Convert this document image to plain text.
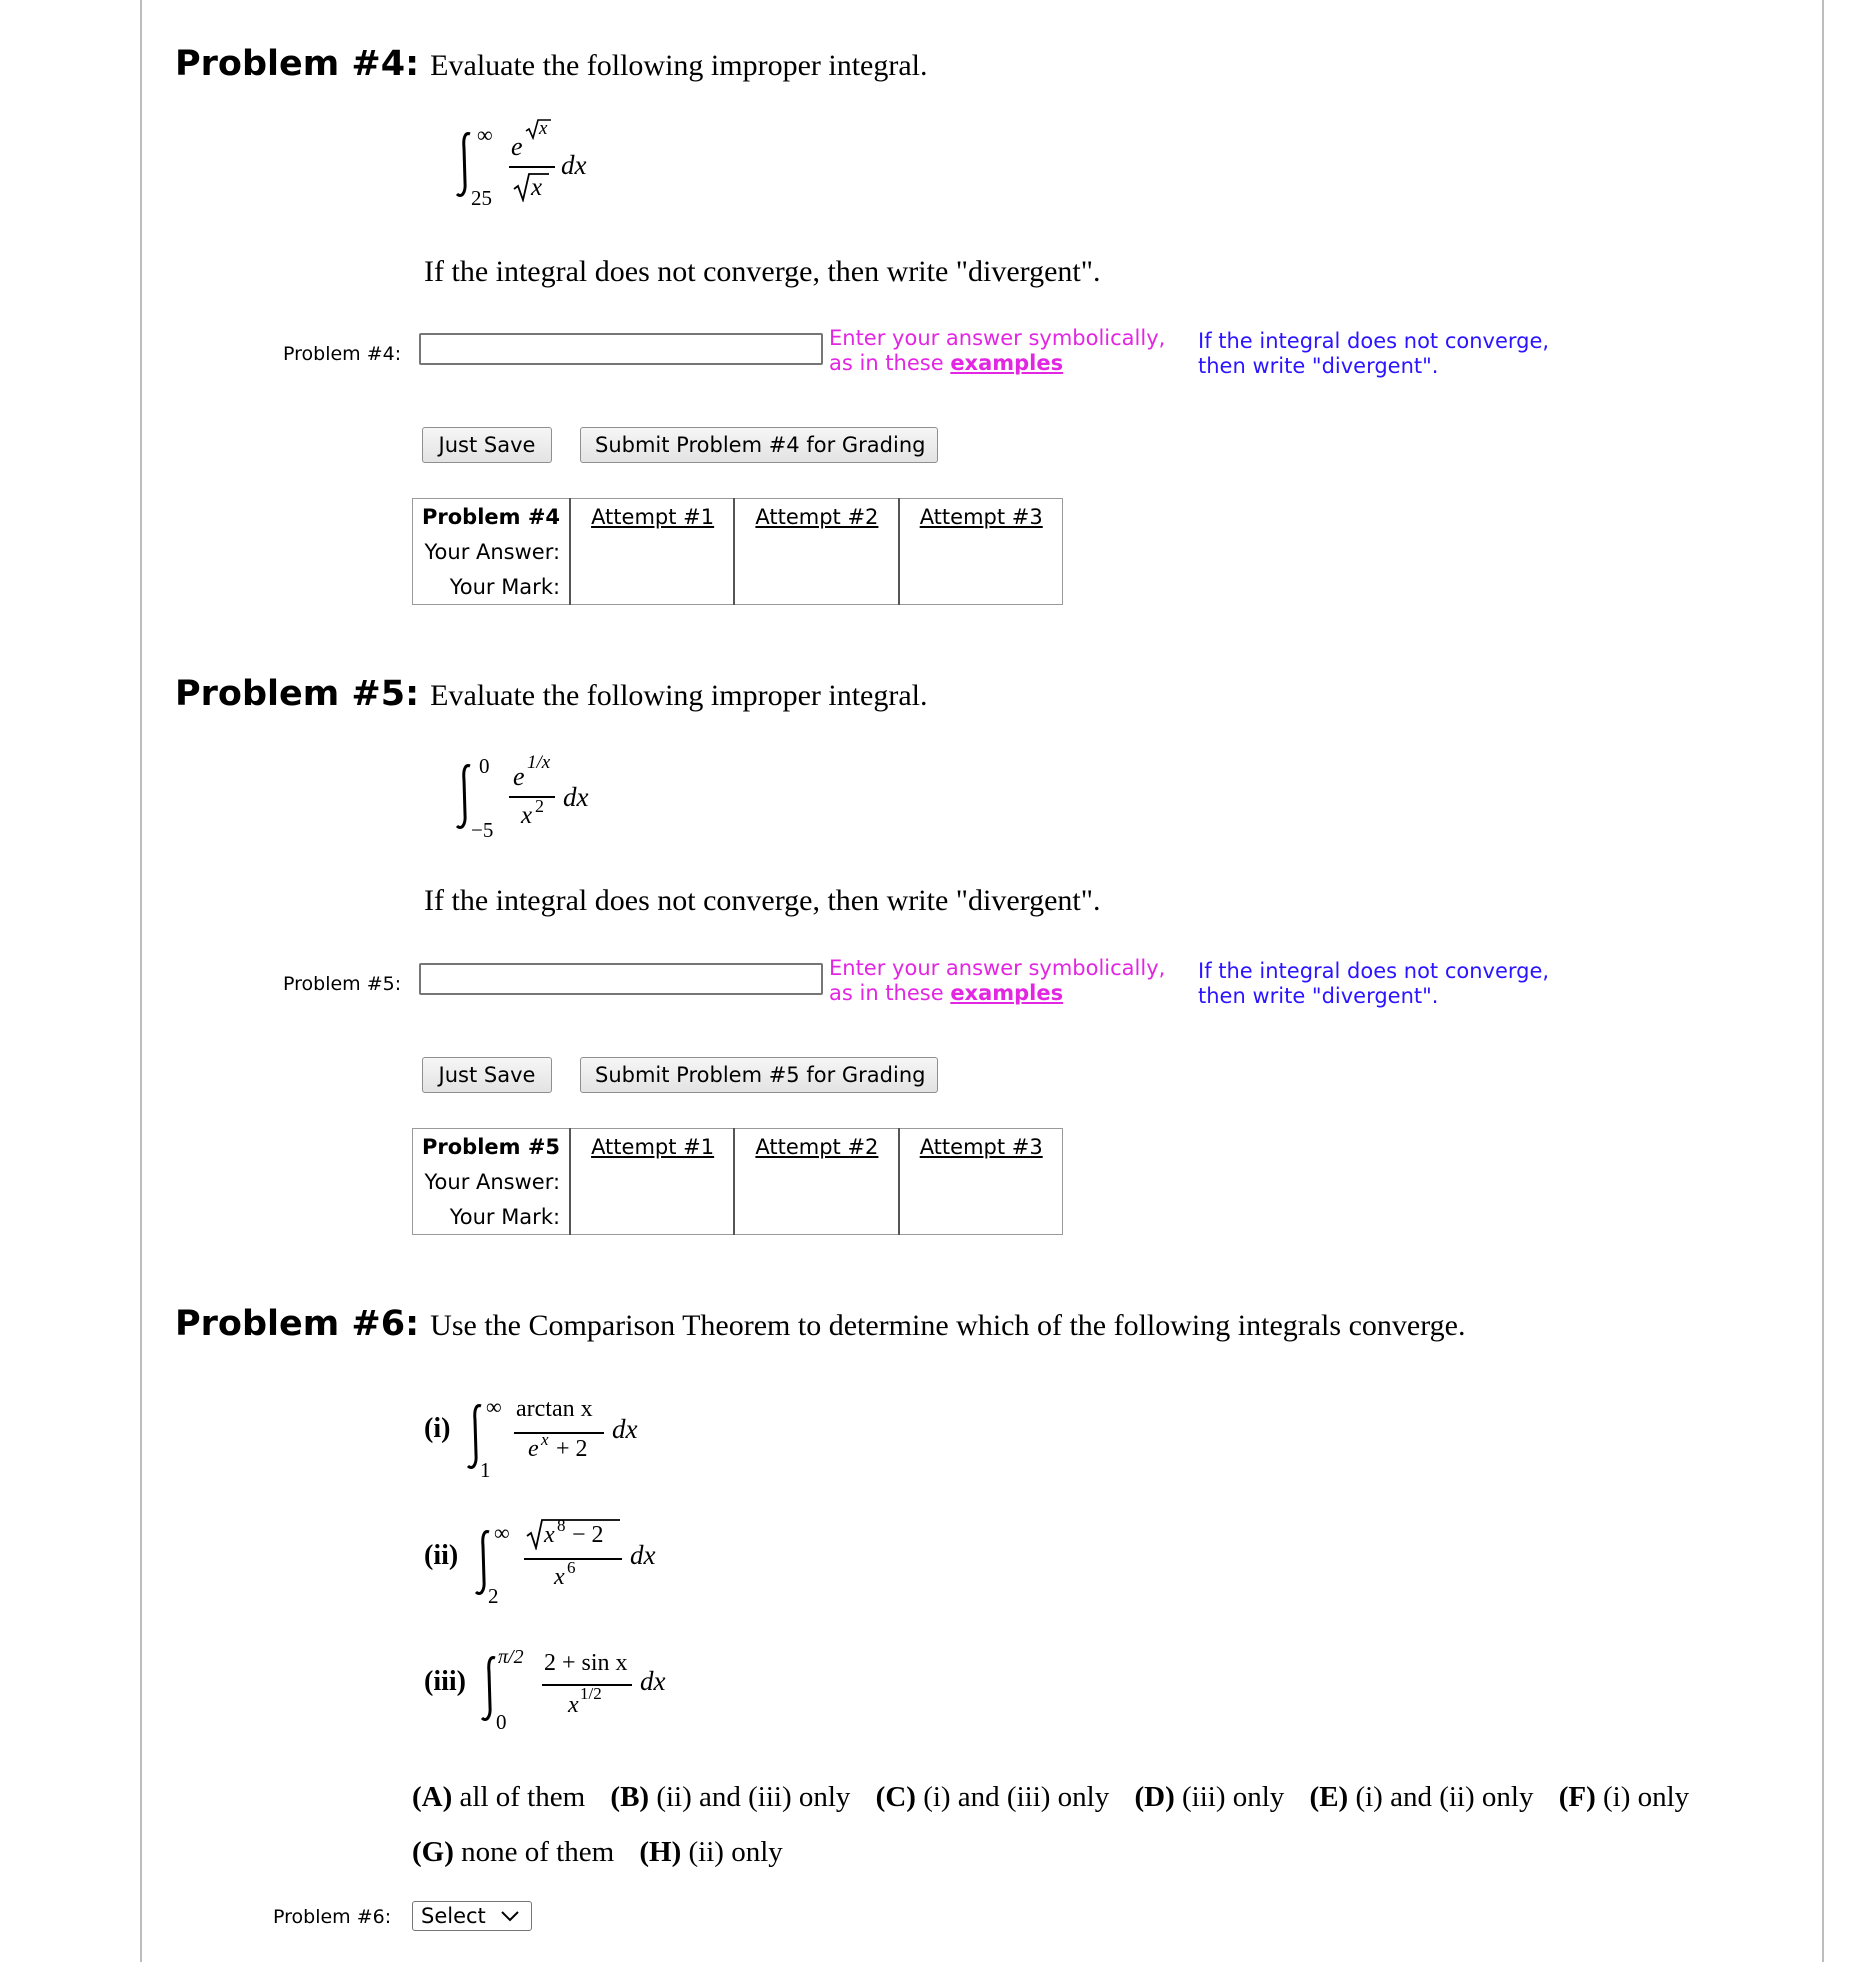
Problem #4: Evaluate the following improper integral.
∞
25
e
x
x
dx
If the integral does not converge, then write "divergent".
Problem #4:
Enter your answer symbolically,
as in these examples
If the integral does not converge,
then write "divergent".
Just Save	Submit Problem #4 for Grading
Problem #4	Attempt #1	Attempt #2	Attempt #3
Your Answer:			
Your Mark:			
Problem #5: Evaluate the following improper integral.
0
−5
e 1/x
x 2 dx
If the integral does not converge, then write "divergent".
Problem #5:
Enter your answer symbolically,
as in these examples
If the integral does not converge,
then write "divergent".
Just Save	Submit Problem #5 for Grading
Problem #5	Attempt #1	Attempt #2	Attempt #3
Your Answer:			
Your Mark:			
Problem #6: Use the Comparison Theorem to determine which of the following integrals converge.
(i)
∞
1
arctan x
e x + 2
dx
(ii)
∞
2
x 8 − 2
x 6 dx
(iii)
π/2
0
2 + sin x
x 1/2 dx
(A) all of them (B) (ii) and (iii) only (C) (i) and (iii) only (D) (iii) only (E) (i) and (ii) only (F) (i) only
(G) none of them (H) (ii) only
Problem #6:	Select
